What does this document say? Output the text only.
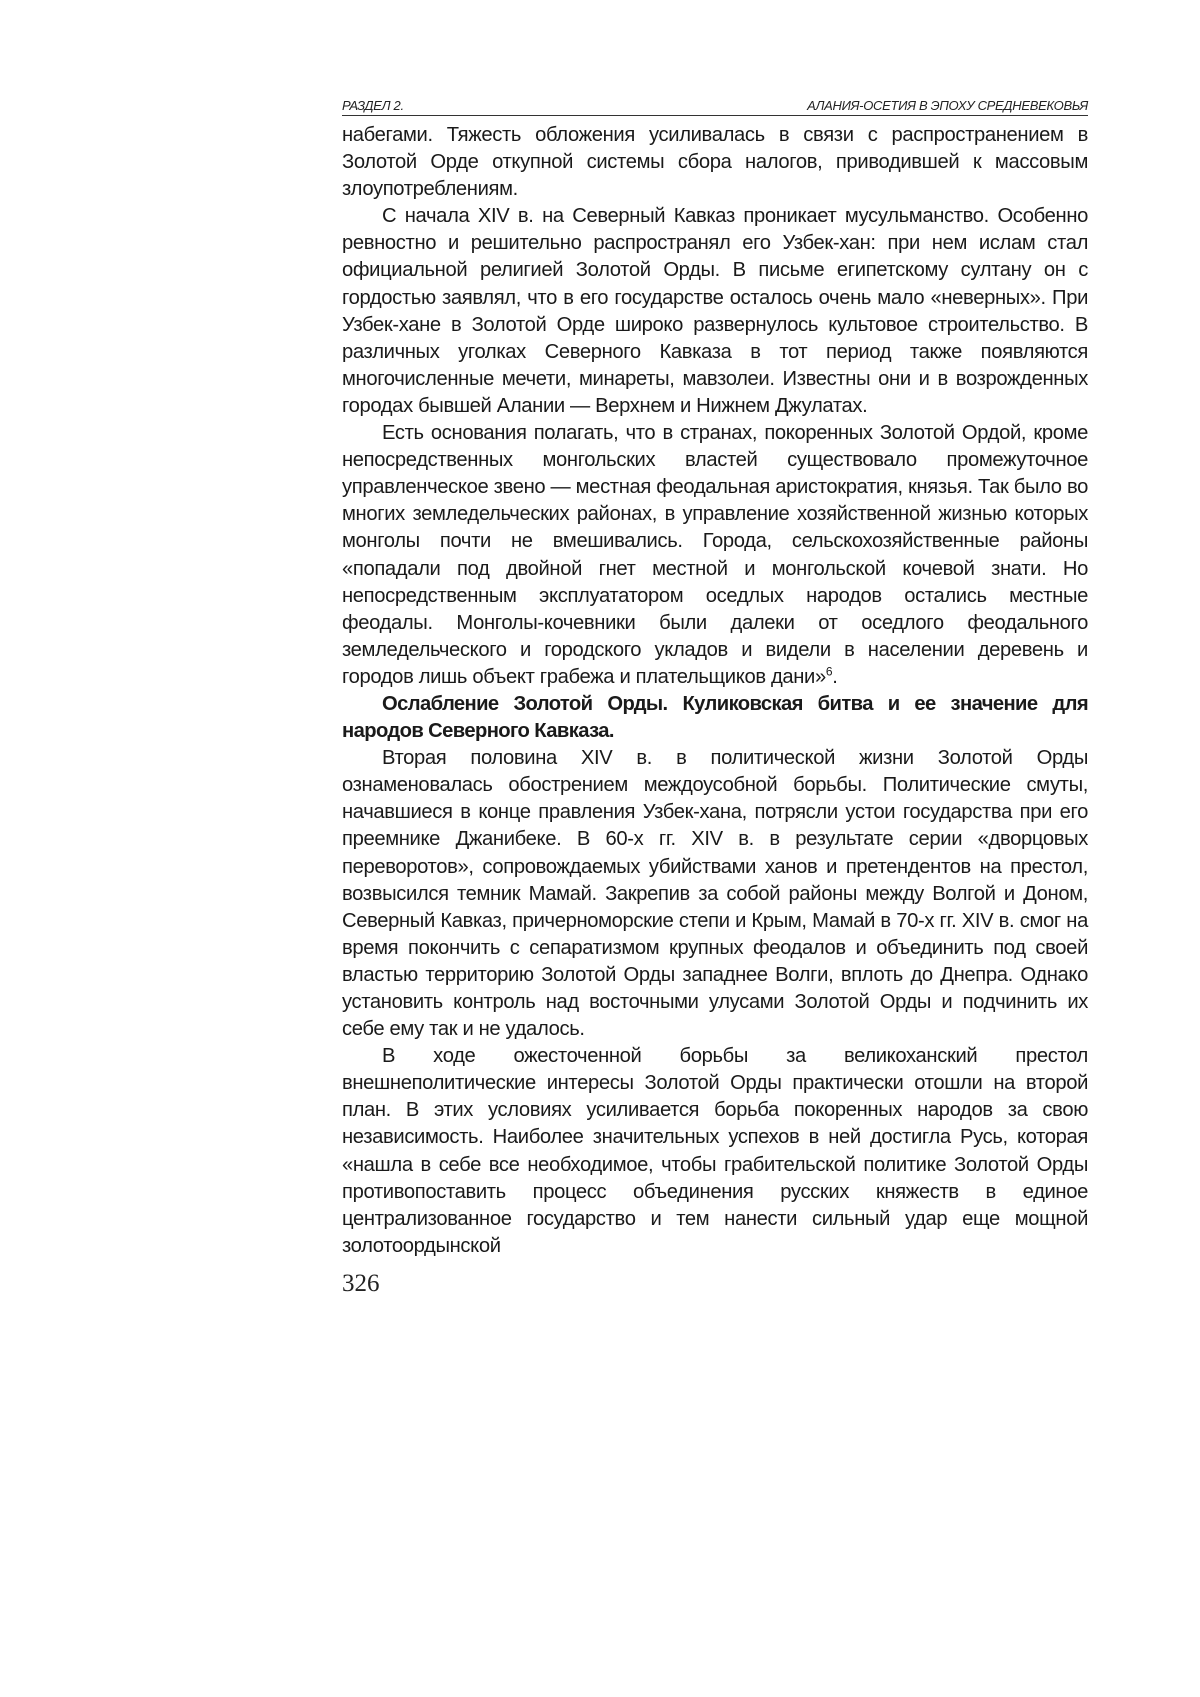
РАЗДЕЛ 2.	АЛАНИЯ-ОСЕТИЯ В ЭПОХУ СРЕДНЕВЕКОВЬЯ

набегами. Тяжесть обложения усиливалась в связи с распространением в Золотой Орде откупной системы сбора налогов, приводившей к массовым злоупотреблениям.

С начала XIV в. на Северный Кавказ проникает мусульманство. Особенно ревностно и решительно распространял его Узбек-хан: при нем ислам стал официальной религией Золотой Орды. В письме египетскому султану он с гордостью заявлял, что в его государстве осталось очень мало «неверных». При Узбек-хане в Золотой Орде широко развернулось культовое строительство. В различных уголках Северного Кавказа в тот период также появляются многочисленные мечети, минареты, мавзолеи. Известны они и в возрожденных городах бывшей Алании — Верхнем и Нижнем Джулатах.

Есть основания полагать, что в странах, покоренных Золотой Ордой, кроме непосредственных монгольских властей существовало промежуточное управленческое звено — местная феодальная аристократия, князья. Так было во многих земледельческих районах, в управление хозяйственной жизнью которых монголы почти не вмешивались. Города, сельскохозяйственные районы «попадали под двойной гнет местной и монгольской кочевой знати. Но непосредственным эксплуататором оседлых народов остались местные феодалы. Монголы-кочевники были далеки от оседлого феодального земледельческого и городского укладов и видели в населении деревень и городов лишь объект грабежа и плательщиков дани»$^6$.

Ослабление Золотой Орды. Куликовская битва и ее значение для народов Северного Кавказа.

Вторая половина XIV в. в политической жизни Золотой Орды ознаменовалась обострением междоусобной борьбы. Политические смуты, начавшиеся в конце правления Узбек-хана, потрясли устои государства при его преемнике Джанибеке. В 60-х гг. XIV в. в результате серии «дворцовых переворотов», сопровождаемых убийствами ханов и претендентов на престол, возвысился темник Мамай. Закрепив за собой районы между Волгой и Доном, Северный Кавказ, причерноморские степи и Крым, Мамай в 70-х гг. XIV в. смог на время покончить с сепаратизмом крупных феодалов и объединить под своей властью территорию Золотой Орды западнее Волги, вплоть до Днепра. Однако установить контроль над восточными улусами Золотой Орды и подчинить их себе ему так и не удалось.

В ходе ожесточенной борьбы за великоханский престол внешнеполитические интересы Золотой Орды практически отошли на второй план. В этих условиях усиливается борьба покоренных народов за свою независимость. Наиболее значительных успехов в ней достигла Русь, которая «нашла в себе все необходимое, чтобы грабительской политике Золотой Орды противопоставить процесс объединения русских княжеств в единое централизованное государство и тем нанести сильный удар еще мощной золотоордынской

326
